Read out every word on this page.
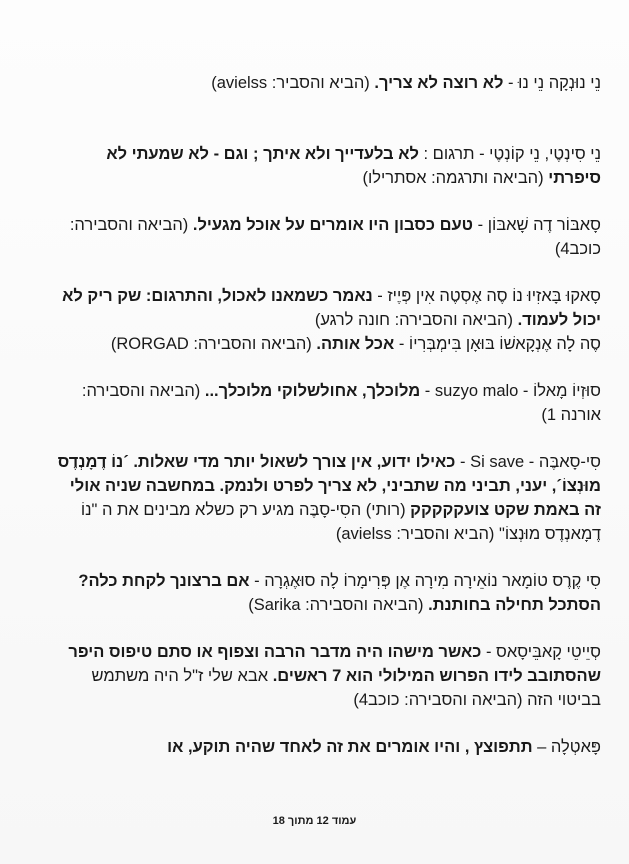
נֵי נוּנְקָה נֵי נוּ - לא רוצה לא צריך. (הביא והסביר: avielss)

נֵי סִינְטֶי, נֵי קוֹנְטֶי - תרגום : לא בלעדייך ולא איתך ; וגם - לא שמעתי לא סיפרתי (הביאה ותרגמה: אסתרילו)

סָאבּוֹר דֶה שָׁאבּוֹן - טעם כסבון היו אומרים על אוכל מגעיל. (הביאה והסבירה: כוכב4)

סָאקוּ בָּאזִיוּ נוֹ סֶה אֶסְטֶה אִין פְּיֶיז - נאמר כשמאנו לאכול, והתרגום: שק ריק לא יכול לעמוד. (הביאה והסבירה: חונה לרגע)
סֶה לָה אֶנְקָאשׁוֹ בּוּאָן בִּימְבְּרִיוֹ - אכל אותה. (הביאה והסבירה: RORGAD)

סוּזְיוֹ מָאלוֹ - suzyo malo - מלוכלך, אחולשלוקי מלוכלך... (הביאה והסבירה: אורנה 1)

סִי-סָאבֶּה - Si save - כאילו ידוע, אין צורך לשאול יותר מדי שאלות. ´נוֹ דֶמָנְדֶס מוּנְצוֹ´, יעני, תביני מה שתביני, לא צריך לפרט ולנמק. במחשבה שניה אולי זה באמת שקט צועקקקקק (רותי) הסִי-סָבֶּה מגיע רק כשלא מבינים את ה "נוֹ דֶמָאנְדֶס מוּנְצוֹ" (הביא והסביר: avielss)

סִי קֶרֶס טוֹמָאר נוֹאֵירָה מִירָה אֶן פְּרִימָרוֹ לָה סוּאֶגְרָה - אם ברצונך לקחת כלה? הסתכל תחילה בחותנת. (הביאה והסבירה: Sarika)

סְיֵיטֵי קָאבֵּיסָאס - כאשר מישהו היה מדבר הרבה וצפוף או סתם טיפוס היפר שהסתובב לידו הפרוש המילולי הוא 7 ראשים. אבא שלי ז"ל היה משתמש בביטוי הזה (הביאה והסבירה: כוכב4)

פָּאטְלָה – תתפוצץ , והיו אומרים את זה לאחד שהיה תוקע, או

עמוד 12 מתוך 18
